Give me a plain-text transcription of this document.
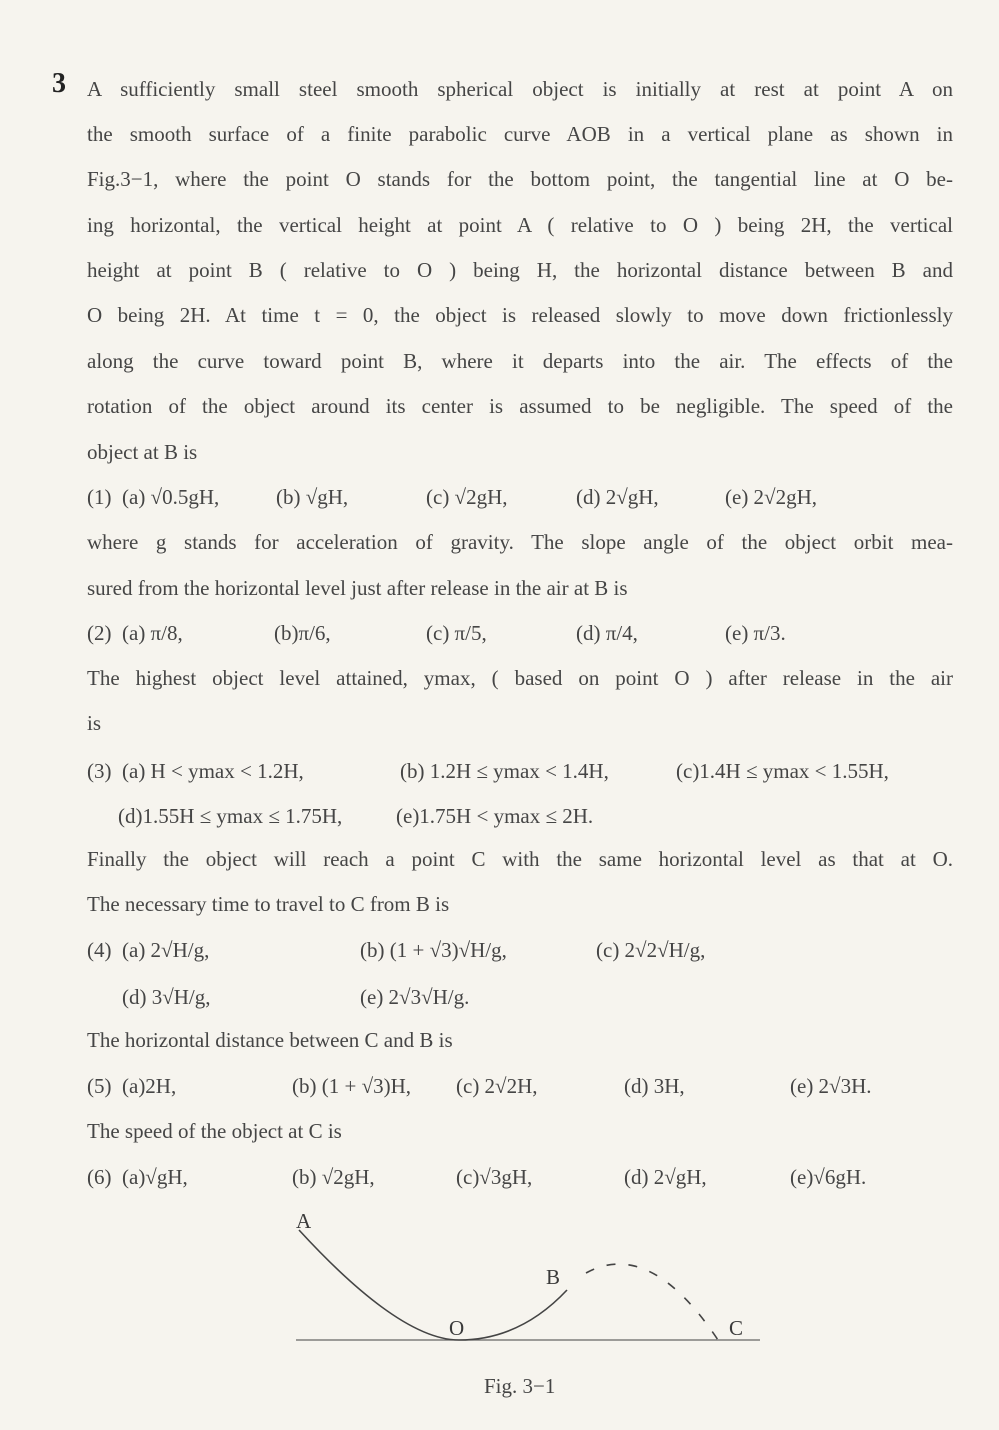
3 A sufficiently small steel smooth spherical object is initially at rest at point A on
the smooth surface of a finite parabolic curve AOB in a vertical plane as shown in
Fig.3−1, where the point O stands for the bottom point, the tangential line at O be-
ing horizontal, the vertical height at point A ( relative to O ) being 2H, the vertical
height at point B ( relative to O ) being H, the horizontal distance between B and
O being 2H. At time t = 0, the object is released slowly to move down frictionlessly
along the curve toward point B, where it departs into the air. The effects of the
rotation of the object around its center is assumed to be negligible. The speed of the
object at B is
(1) (a) √0.5gH,	(b) √gH,	(c) √2gH,	(d) 2√gH,	(e) 2√2gH,
where g stands for acceleration of gravity. The slope angle of the object orbit mea-
sured from the horizontal level just after release in the air at B is
(2) (a) π/8,	(b)π/6,	(c) π/5,	(d) π/4,	(e) π/3.
The highest object level attained, ymax, ( based on point O ) after release in the air
is
(3) (a) H < ymax < 1.2H,	(b) 1.2H ≤ ymax < 1.4H,	(c)1.4H ≤ ymax < 1.55H,
(d)1.55H ≤ ymax ≤ 1.75H,	(e)1.75H < ymax ≤ 2H.
Finally the object will reach a point C with the same horizontal level as that at O.
The necessary time to travel to C from B is
(4) (a) 2√H/g,	(b) (1 + √3)√H/g,	(c) 2√2√H/g,
(d) 3√H/g,	(e) 2√3√H/g.
The horizontal distance between C and B is
(5) (a)2H,	(b) (1 + √3)H, (c) 2√2H,	(d) 3H,	(e) 2√3H.
The speed of the object at C is
(6) (a)√gH,	(b) √2gH,	(c)√3gH,	(d) 2√gH,	(e)√6gH.
A
B
O	C
Fig. 3−1
